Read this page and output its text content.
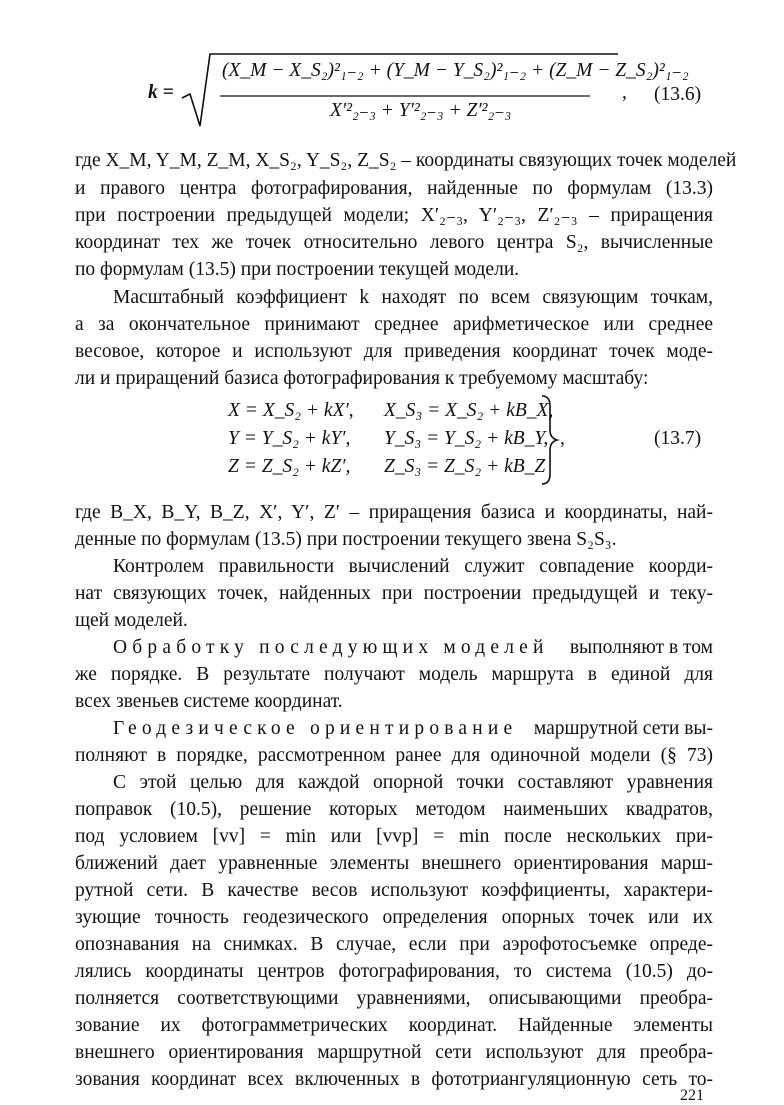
k =
(X_M − X_S₂)²₁₋₂ + (Y_M − Y_S₂)²₁₋₂ + (Z_M − Z_S₂)²₁₋₂
X′²₂₋₃ + Y′²₂₋₃ + Z′²₂₋₃
, (13.6)
где X_M, Y_M, Z_M, X_S₂, Y_S₂, Z_S₂ – координаты связующих точек моделей
и правого центра фотографирования, найденные по формулам (13.3)
при построении предыдущей модели; X′₂₋₃, Y′₂₋₃, Z′₂₋₃ – приращения
координат тех же точек относительно левого центра S₂, вычисленные
по формулам (13.5) при построении текущей модели.
Масштабный коэффициент k находят по всем связующим точкам,
а за окончательное принимают среднее арифметическое или среднее
весовое, которое и используют для приведения координат точек моде-
ли и приращений базиса фотографирования к требуемому масштабу:
X = X_S₂ + kX′, X_S₃ = X_S₂ + kB_X,
Y = Y_S₂ + kY′, Y_S₃ = Y_S₂ + kB_Y,
Z = Z_S₂ + kZ′, Z_S₃ = Z_S₂ + kB_Z
,	(13.7)
где B_X, B_Y, B_Z, X′, Y′, Z′ – приращения базиса и координаты, най-
денные по формулам (13.5) при построении текущего звена S₂S₃.
Контролем правильности вычислений служит совпадение коорди-
нат связующих точек, найденных при построении предыдущей и теку-
щей моделей.
Обработку последующих моделей выполняют в том
же порядке. В результате получают модель маршрута в единой для
всех звеньев системе координат.
Геодезическое ориентирование маршрутной сети вы-
полняют в порядке, рассмотренном ранее для одиночной модели (§ 73)
С этой целью для каждой опорной точки составляют уравнения
поправок (10.5), решение которых методом наименьших квадратов,
под условием [vv] = min или [vvp] = min после нескольких при-
ближений дает уравненные элементы внешнего ориентирования марш-
рутной сети. В качестве весов используют коэффициенты, характери-
зующие точность геодезического определения опорных точек или их
опознавания на снимках. В случае, если при аэрофотосъемке опреде-
лялись координаты центров фотографирования, то система (10.5) до-
полняется соответствующими уравнениями, описывающими преобра-
зование их фотограмметрических координат. Найденные элементы
внешнего ориентирования маршрутной сети используют для преобра-
зования координат всех включенных в фототриангуляционную сеть то-
221
